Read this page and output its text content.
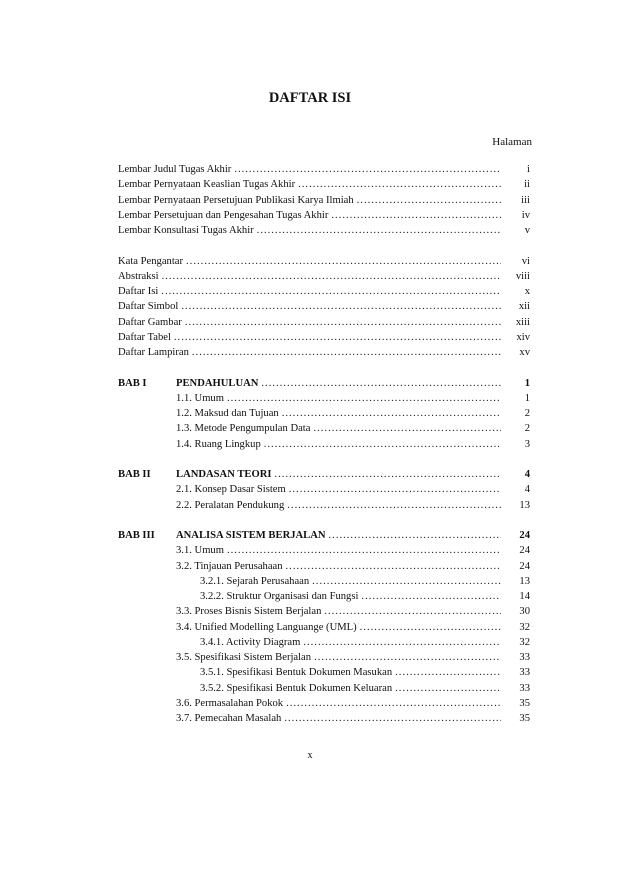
DAFTAR ISI
Halaman
Lembar Judul Tugas Akhir .....	i
Lembar Pernyataan Keaslian Tugas Akhir .....	ii
Lembar Pernyataan Persetujuan Publikasi Karya Ilmiah .....	iii
Lembar Persetujuan dan Pengesahan Tugas Akhir .....	iv
Lembar Konsultasi Tugas Akhir .....	v
Kata Pengantar .....	vi
Abstraksi .....	viii
Daftar Isi .....	x
Daftar Simbol .....	xii
Daftar Gambar .....	xiii
Daftar Tabel .....	xiv
Daftar Lampiran .....	xv
BAB I	PENDAHULUAN .....	1
1.1. Umum .....	1
1.2. Maksud dan Tujuan .....	2
1.3. Metode Pengumpulan Data .....	2
1.4. Ruang Lingkup .....	3
BAB II	LANDASAN TEORI .....	4
2.1. Konsep Dasar Sistem .....	4
2.2. Peralatan Pendukung .....	13
BAB III	ANALISA SISTEM BERJALAN .....	24
3.1. Umum .....	24
3.2. Tinjauan Perusahaan .....	24
3.2.1. Sejarah Perusahaan .....	13
3.2.2. Struktur Organisasi dan Fungsi .....	14
3.3. Proses Bisnis Sistem Berjalan .....	30
3.4. Unified Modelling Languange (UML) .....	32
3.4.1. Activity Diagram .....	32
3.5. Spesifikasi Sistem Berjalan .....	33
3.5.1. Spesifikasi Bentuk Dokumen Masukan .....	33
3.5.2. Spesifikasi Bentuk Dokumen Keluaran .....	33
3.6. Permasalahan Pokok .....	35
3.7. Pemecahan Masalah .....	35
x
